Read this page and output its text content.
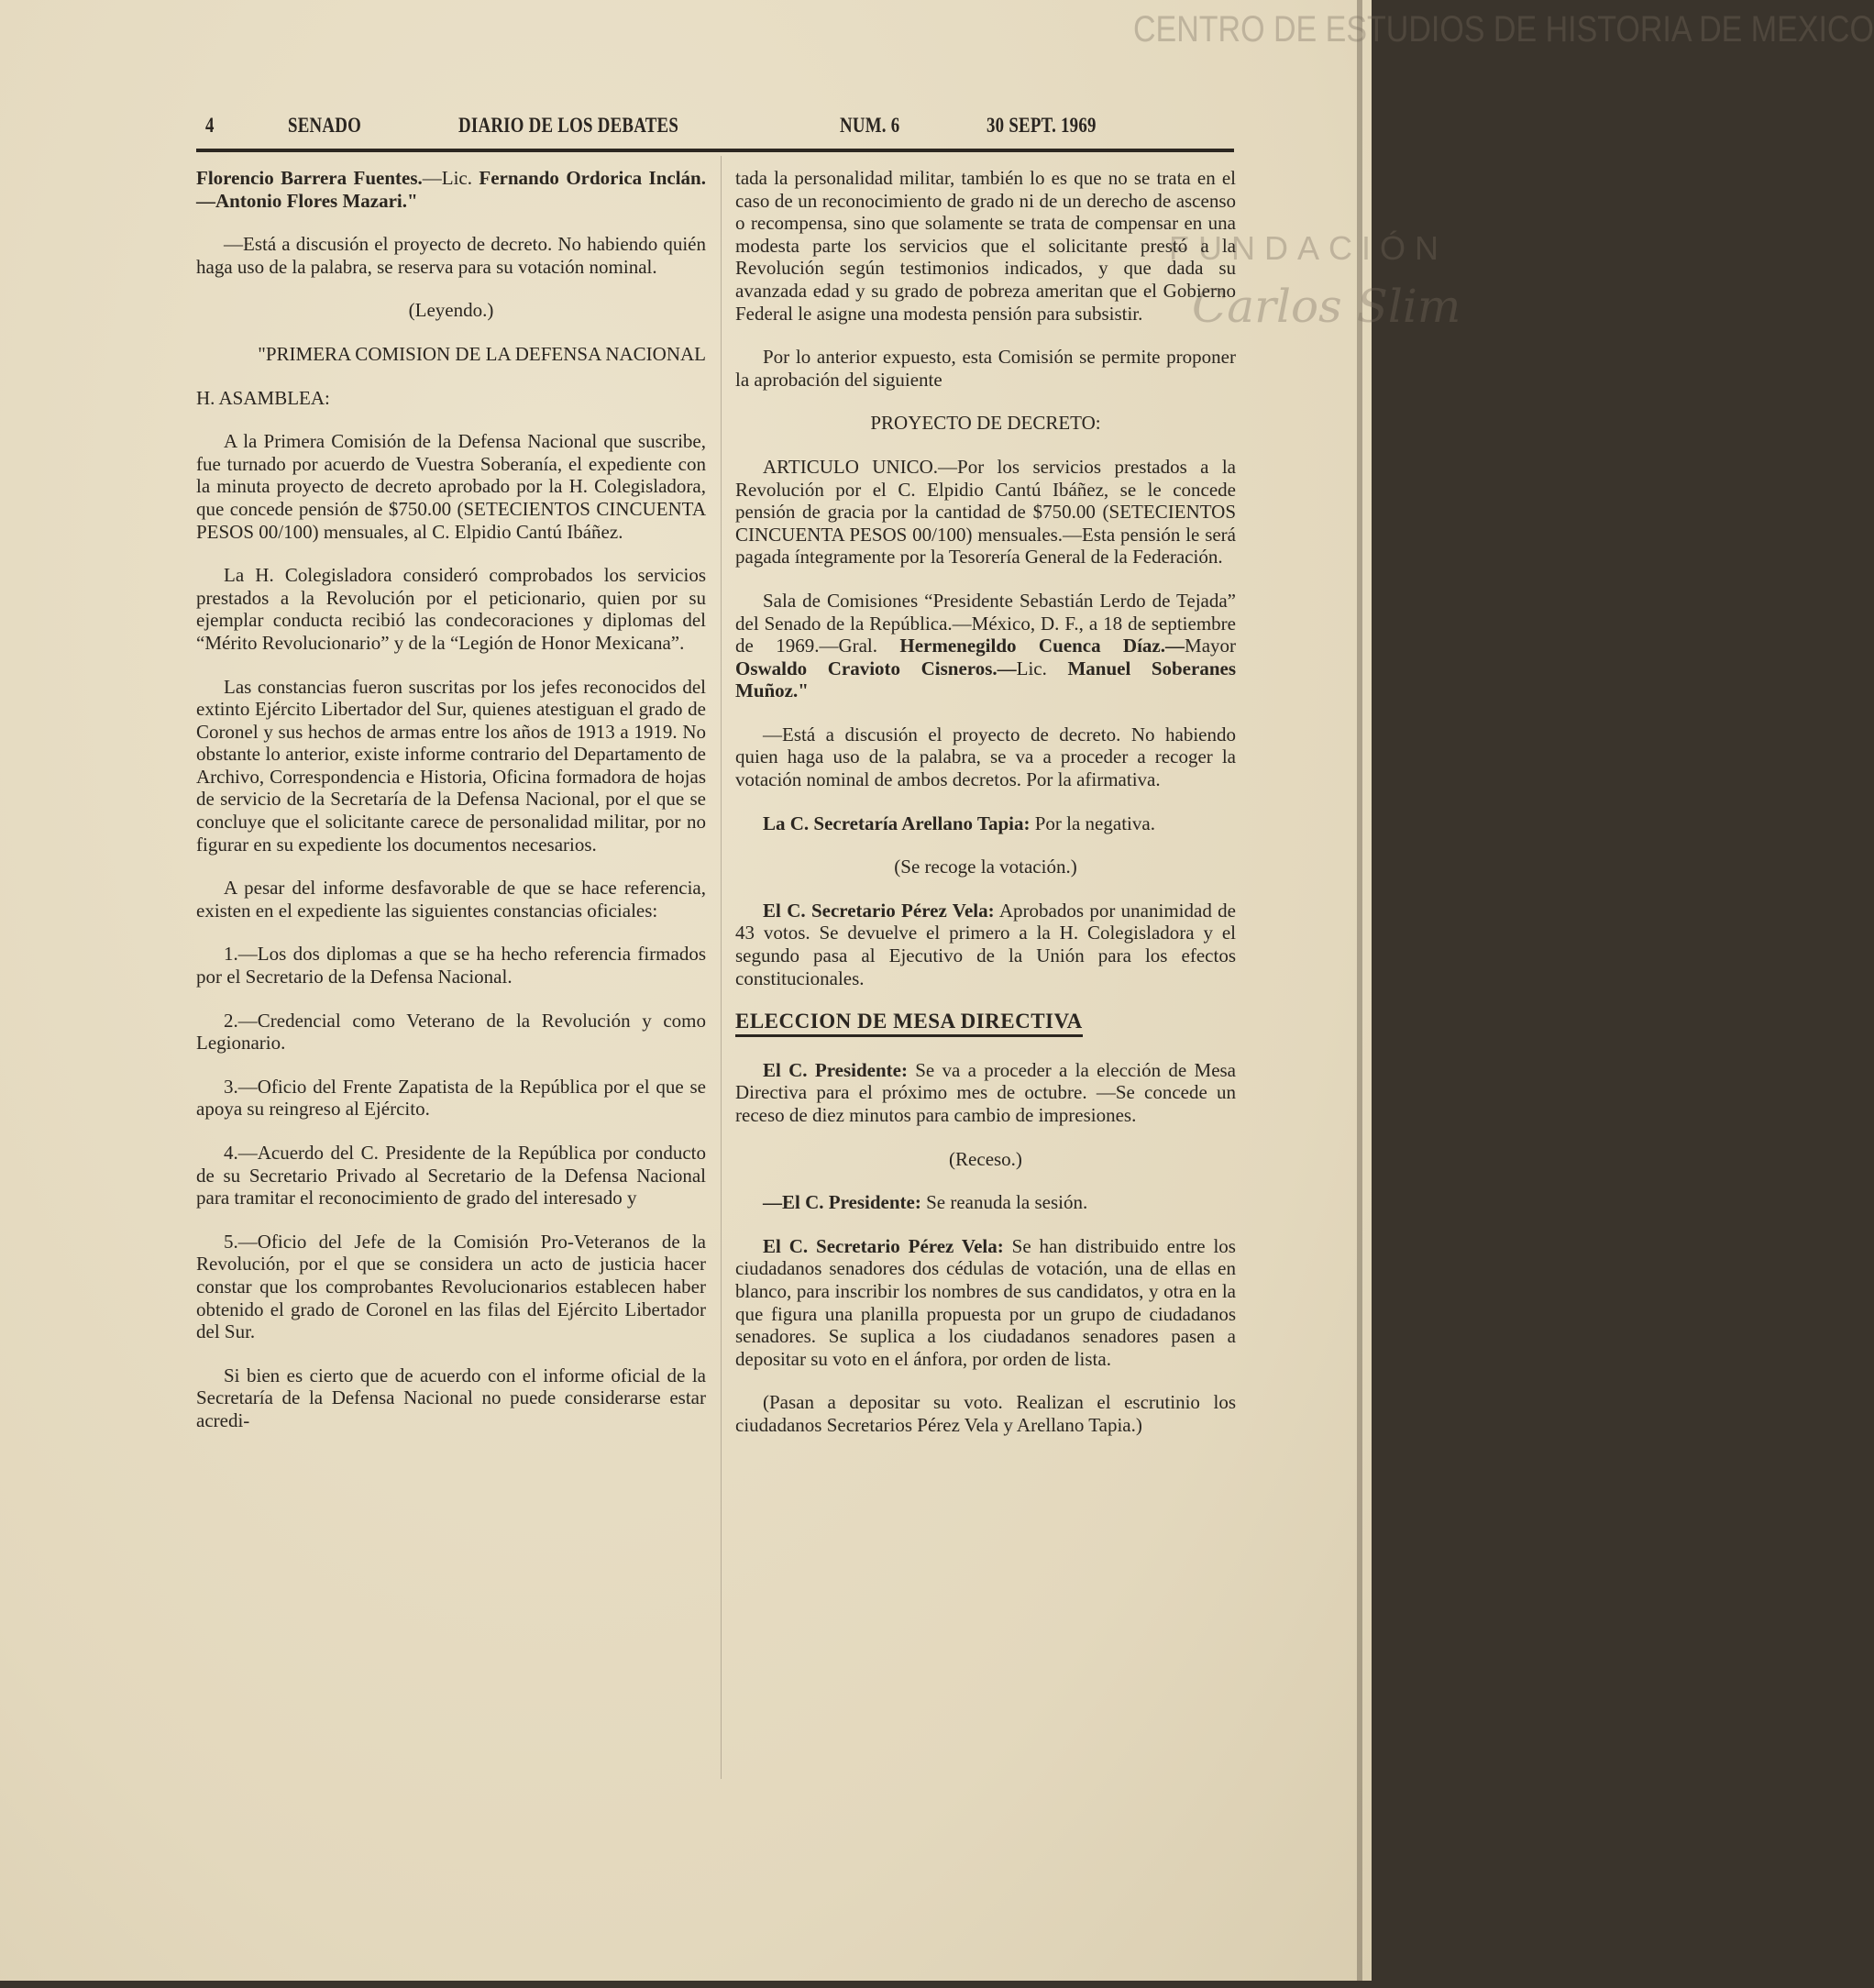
CENTRO DE ESTUDIOS DE HISTORIA DE MEXICO
FUNDACIÓN
Carlos Slim
4	SENADO	DIARIO DE LOS DEBATES	NUM. 6	30 SEPT. 1969

Florencio Barrera Fuentes.—Lic. Fernando Ordorica Inclán.—Antonio Flores Mazari."

—Está a discusión el proyecto de decreto. No habiendo quién haga uso de la palabra, se reserva para su votación nominal.

(Leyendo.)

"PRIMERA COMISION DE LA DEFENSA NACIONAL

H. ASAMBLEA:

A la Primera Comisión de la Defensa Nacional que suscribe, fue turnado por acuerdo de Vuestra Soberanía, el expediente con la minuta proyecto de decreto aprobado por la H. Colegisladora, que concede pensión de $750.00 (SETECIENTOS CINCUENTA PESOS 00/100) mensuales, al C. Elpidio Cantú Ibáñez.

La H. Colegisladora consideró comprobados los servicios prestados a la Revolución por el peticionario, quien por su ejemplar conducta recibió las condecoraciones y diplomas del “Mérito Revolucionario” y de la “Legión de Honor Mexicana”.

Las constancias fueron suscritas por los jefes reconocidos del extinto Ejército Libertador del Sur, quienes atestiguan el grado de Coronel y sus hechos de armas entre los años de 1913 a 1919. No obstante lo anterior, existe informe contrario del Departamento de Archivo, Correspondencia e Historia, Oficina formadora de hojas de servicio de la Secretaría de la Defensa Nacional, por el que se concluye que el solicitante carece de personalidad militar, por no figurar en su expediente los documentos necesarios.

A pesar del informe desfavorable de que se hace referencia, existen en el expediente las siguientes constancias oficiales:

1.—Los dos diplomas a que se ha hecho referencia firmados por el Secretario de la Defensa Nacional.

2.—Credencial como Veterano de la Revolución y como Legionario.

3.—Oficio del Frente Zapatista de la República por el que se apoya su reingreso al Ejército.

4.—Acuerdo del C. Presidente de la República por conducto de su Secretario Privado al Secretario de la Defensa Nacional para tramitar el reconocimiento de grado del interesado y

5.—Oficio del Jefe de la Comisión Pro-Veteranos de la Revolución, por el que se considera un acto de justicia hacer constar que los comprobantes Revolucionarios establecen haber obtenido el grado de Coronel en las filas del Ejército Libertador del Sur.

Si bien es cierto que de acuerdo con el informe oficial de la Secretaría de la Defensa Nacional no puede considerarse estar acredi-

tada la personalidad militar, también lo es que no se trata en el caso de un reconocimiento de grado ni de un derecho de ascenso o recompensa, sino que solamente se trata de compensar en una modesta parte los servicios que el solicitante prestó a la Revolución según testimonios indicados, y que dada su avanzada edad y su grado de pobreza ameritan que el Gobierno Federal le asigne una modesta pensión para subsistir.

Por lo anterior expuesto, esta Comisión se permite proponer la aprobación del siguiente

PROYECTO DE DECRETO:

ARTICULO UNICO.—Por los servicios prestados a la Revolución por el C. Elpidio Cantú Ibáñez, se le concede pensión de gracia por la cantidad de $750.00 (SETECIENTOS CINCUENTA PESOS 00/100) mensuales.—Esta pensión le será pagada íntegramente por la Tesorería General de la Federación.

Sala de Comisiones “Presidente Sebastián Lerdo de Tejada” del Senado de la República.—México, D. F., a 18 de septiembre de 1969.—Gral. Hermenegildo Cuenca Díaz.—Mayor Oswaldo Cravioto Cisneros.—Lic. Manuel Soberanes Muñoz."

—Está a discusión el proyecto de decreto. No habiendo quien haga uso de la palabra, se va a proceder a recoger la votación nominal de ambos decretos. Por la afirmativa.

La C. Secretaría Arellano Tapia: Por la negativa.

(Se recoge la votación.)

El C. Secretario Pérez Vela: Aprobados por unanimidad de 43 votos. Se devuelve el primero a la H. Colegisladora y el segundo pasa al Ejecutivo de la Unión para los efectos constitucionales.

ELECCION DE MESA DIRECTIVA

El C. Presidente: Se va a proceder a la elección de Mesa Directiva para el próximo mes de octubre. —Se concede un receso de diez minutos para cambio de impresiones.

(Receso.)

—El C. Presidente: Se reanuda la sesión.

El C. Secretario Pérez Vela: Se han distribuido entre los ciudadanos senadores dos cédulas de votación, una de ellas en blanco, para inscribir los nombres de sus candidatos, y otra en la que figura una planilla propuesta por un grupo de ciudadanos senadores. Se suplica a los ciudadanos senadores pasen a depositar su voto en el ánfora, por orden de lista.

(Pasan a depositar su voto. Realizan el escrutinio los ciudadanos Secretarios Pérez Vela y Arellano Tapia.)
